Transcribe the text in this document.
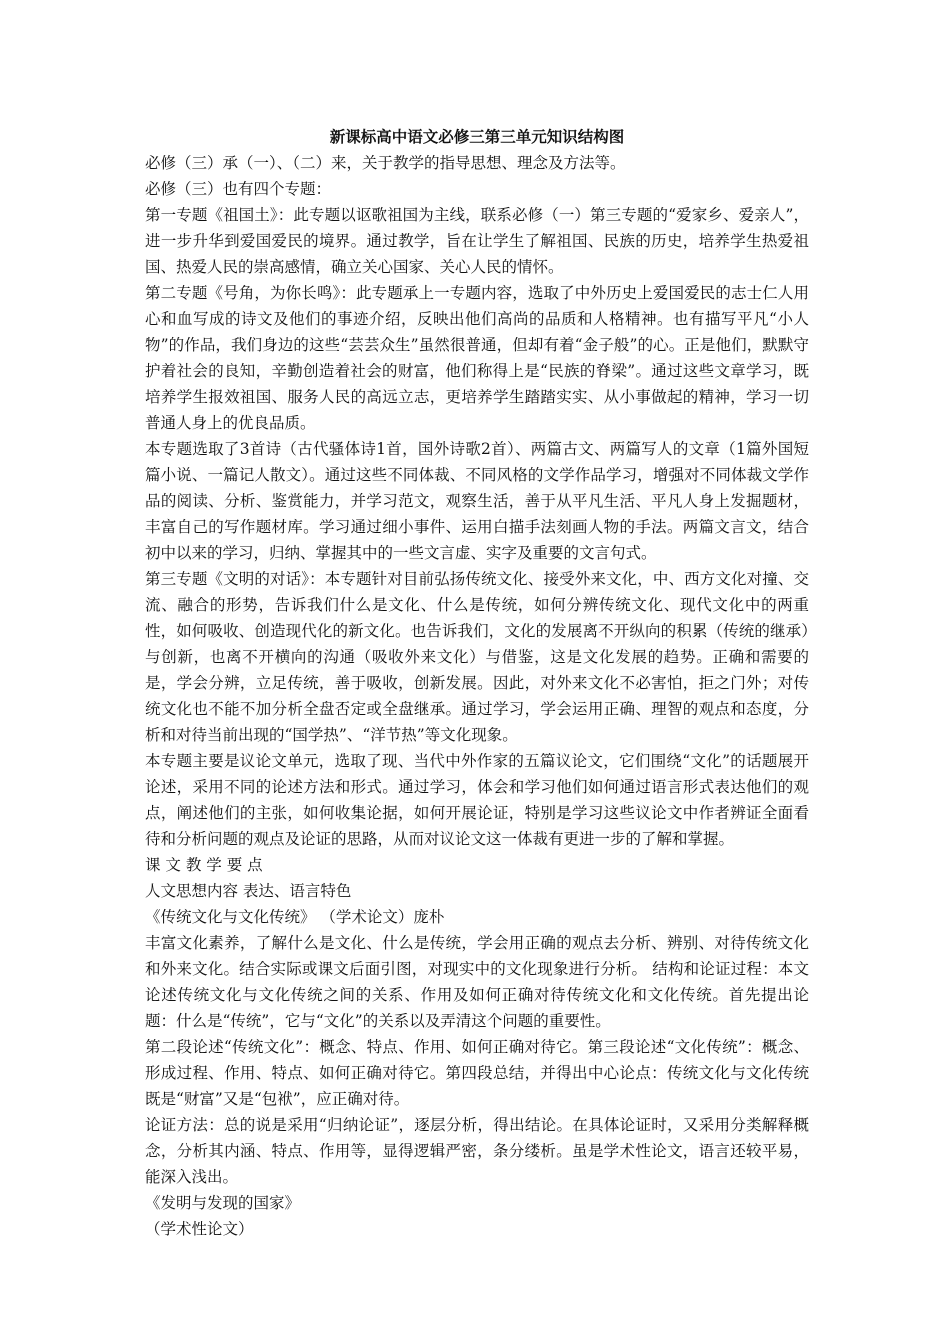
新课标高中语文必修三第三单元知识结构图

必修（三）承（一）、（二）来，关于教学的指导思想、理念及方法等。

必修（三）也有四个专题：

第一专题《祖国土》：此专题以讴歌祖国为主线，联系必修（一）第三专题的“爱家乡、爱亲人”，进一步升华到爱国爱民的境界。通过教学，旨在让学生了解祖国、民族的历史，培养学生热爱祖国、热爱人民的崇高感情，确立关心国家、关心人民的情怀。

第二专题《号角，为你长鸣》：此专题承上一专题内容，选取了中外历史上爱国爱民的志士仁人用心和血写成的诗文及他们的事迹介绍，反映出他们高尚的品质和人格精神。也有描写平凡“小人物”的作品，我们身边的这些“芸芸众生”虽然很普通，但却有着“金子般”的心。正是他们，默默守护着社会的良知，辛勤创造着社会的财富，他们称得上是“民族的脊梁”。通过这些文章学习，既培养学生报效祖国、服务人民的高远立志，更培养学生踏踏实实、从小事做起的精神，学习一切普通人身上的优良品质。

本专题选取了3首诗（古代骚体诗1首，国外诗歌2首）、两篇古文、两篇写人的文章（1篇外国短篇小说、一篇记人散文）。通过这些不同体裁、不同风格的文学作品学习，增强对不同体裁文学作品的阅读、分析、鉴赏能力，并学习范文，观察生活，善于从平凡生活、平凡人身上发掘题材，丰富自己的写作题材库。学习通过细小事件、运用白描手法刻画人物的手法。两篇文言文，结合初中以来的学习，归纳、掌握其中的一些文言虚、实字及重要的文言句式。

第三专题《文明的对话》：本专题针对目前弘扬传统文化、接受外来文化，中、西方文化对撞、交流、融合的形势，告诉我们什么是文化、什么是传统，如何分辨传统文化、现代文化中的两重性，如何吸收、创造现代化的新文化。也告诉我们，文化的发展离不开纵向的积累（传统的继承）与创新，也离不开横向的沟通（吸收外来文化）与借鉴，这是文化发展的趋势。正确和需要的是，学会分辨，立足传统，善于吸收，创新发展。因此，对外来文化不必害怕，拒之门外；对传统文化也不能不加分析全盘否定或全盘继承。通过学习，学会运用正确、理智的观点和态度，分析和对待当前出现的“国学热”、“洋节热”等文化现象。

本专题主要是议论文单元，选取了现、当代中外作家的五篇议论文，它们围绕“文化”的话题展开论述，采用不同的论述方法和形式。通过学习，体会和学习他们如何通过语言形式表达他们的观点，阐述他们的主张，如何收集论据，如何开展论证，特别是学习这些议论文中作者辨证全面看待和分析问题的观点及论证的思路，从而对议论文这一体裁有更进一步的了解和掌握。

课 文 教 学 要 点

人文思想内容 表达、语言特色

《传统文化与文化传统》 （学术论文）庞朴

丰富文化素养，了解什么是文化、什么是传统，学会用正确的观点去分析、辨别、对待传统文化和外来文化。结合实际或课文后面引图，对现实中的文化现象进行分析。 结构和论证过程：本文论述传统文化与文化传统之间的关系、作用及如何正确对待传统文化和文化传统。首先提出论题：什么是“传统”，它与“文化”的关系以及弄清这个问题的重要性。

第二段论述“传统文化”：概念、特点、作用、如何正确对待它。第三段论述“文化传统”：概念、形成过程、作用、特点、如何正确对待它。第四段总结，并得出中心论点：传统文化与文化传统既是“财富”又是“包袱”，应正确对待。

论证方法：总的说是采用“归纳论证”，逐层分析，得出结论。在具体论证时，又采用分类解释概念，分析其内涵、特点、作用等，显得逻辑严密，条分缕析。虽是学术性论文，语言还较平易，能深入浅出。

《发明与发现的国家》

（学术性论文）
